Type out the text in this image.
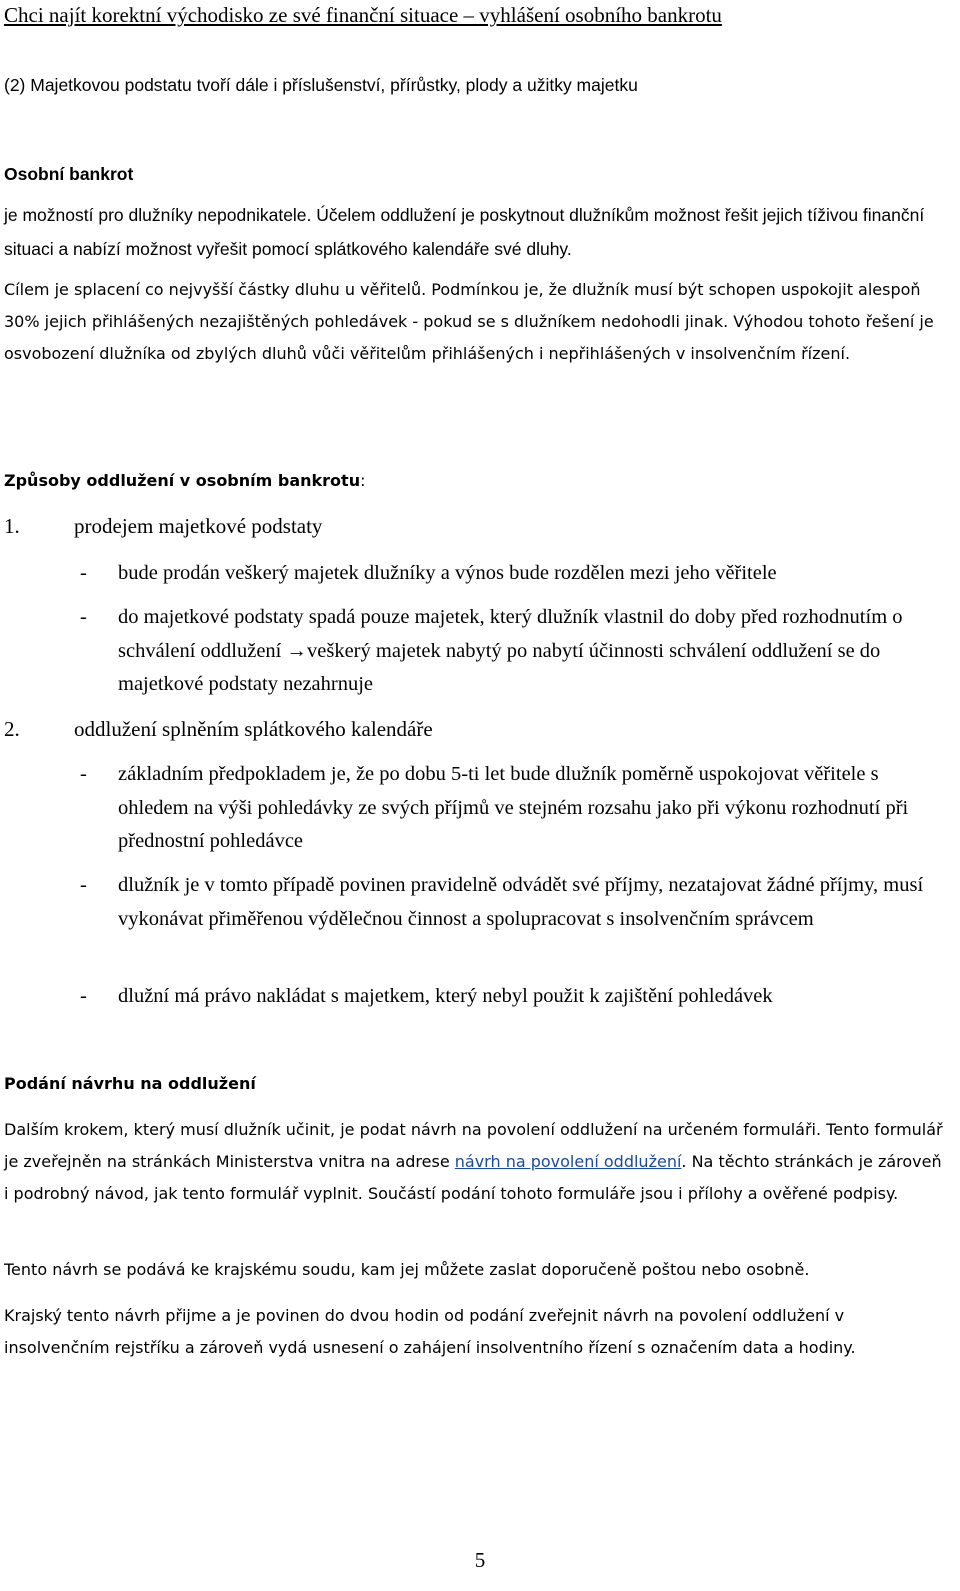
Chci najít korektní východisko ze své finanční situace – vyhlášení osobního bankrotu

(2) Majetkovou podstatu tvoří dále i příslušenství, přírůstky, plody a užitky majetku

Osobní bankrot

je možností pro dlužníky nepodnikatele. Účelem oddlužení je poskytnout dlužníkům možnost řešit jejich tíživou finanční situaci a nabízí možnost vyřešit pomocí splátkového kalendáře své dluhy.

Cílem je splacení co nejvyšší částky dluhu u věřitelů. Podmínkou je, že dlužník musí být schopen uspokojit alespoň 30% jejich přihlášených nezajištěných pohledávek - pokud se s dlužníkem nedohodli jinak. Výhodou tohoto řešení je osvobození dlužníka od zbylých dluhů vůči věřitelům přihlášených i nepřihlášených v insolvenčním řízení.

Způsoby oddlužení v osobním bankrotu:

1.	prodejem majetkové podstaty
- bude prodán veškerý majetek dlužníky a výnos bude rozdělen mezi jeho věřitele
- do majetkové podstaty spadá pouze majetek, který dlužník vlastnil do doby před rozhodnutím o schválení oddlužení →veškerý majetek nabytý po nabytí účinnosti schválení oddlužení se do majetkové podstaty nezahrnuje
2.	oddlužení splněním splátkového kalendáře
- základním předpokladem je, že po dobu 5-ti let bude dlužník poměrně uspokojovat věřitele s ohledem na výši pohledávky ze svých příjmů ve stejném rozsahu jako při výkonu rozhodnutí při přednostní pohledávce
- dlužník je v tomto případě povinen pravidelně odvádět své příjmy, nezatajovat žádné příjmy, musí vykonávat přiměřenou výdělečnou činnost a spolupracovat s insolvenčním správcem
- dlužní má právo nakládat s majetkem, který nebyl použit k zajištění pohledávek

Podání návrhu na oddlužení

Dalším krokem, který musí dlužník učinit, je podat návrh na povolení oddlužení na určeném formuláři. Tento formulář je zveřejněn na stránkách Ministerstva vnitra na adrese návrh na povolení oddlužení. Na těchto stránkách je zároveň i podrobný návod, jak tento formulář vyplnit. Součástí podání tohoto formuláře jsou i přílohy a ověřené podpisy.

Tento návrh se podává ke krajskému soudu, kam jej můžete zaslat doporučeně poštou nebo osobně.

Krajský tento návrh přijme a je povinen do dvou hodin od podání zveřejnit návrh na povolení oddlužení v insolvenčním rejstříku a zároveň vydá usnesení o zahájení insolventního řízení s označením data a hodiny.

5
